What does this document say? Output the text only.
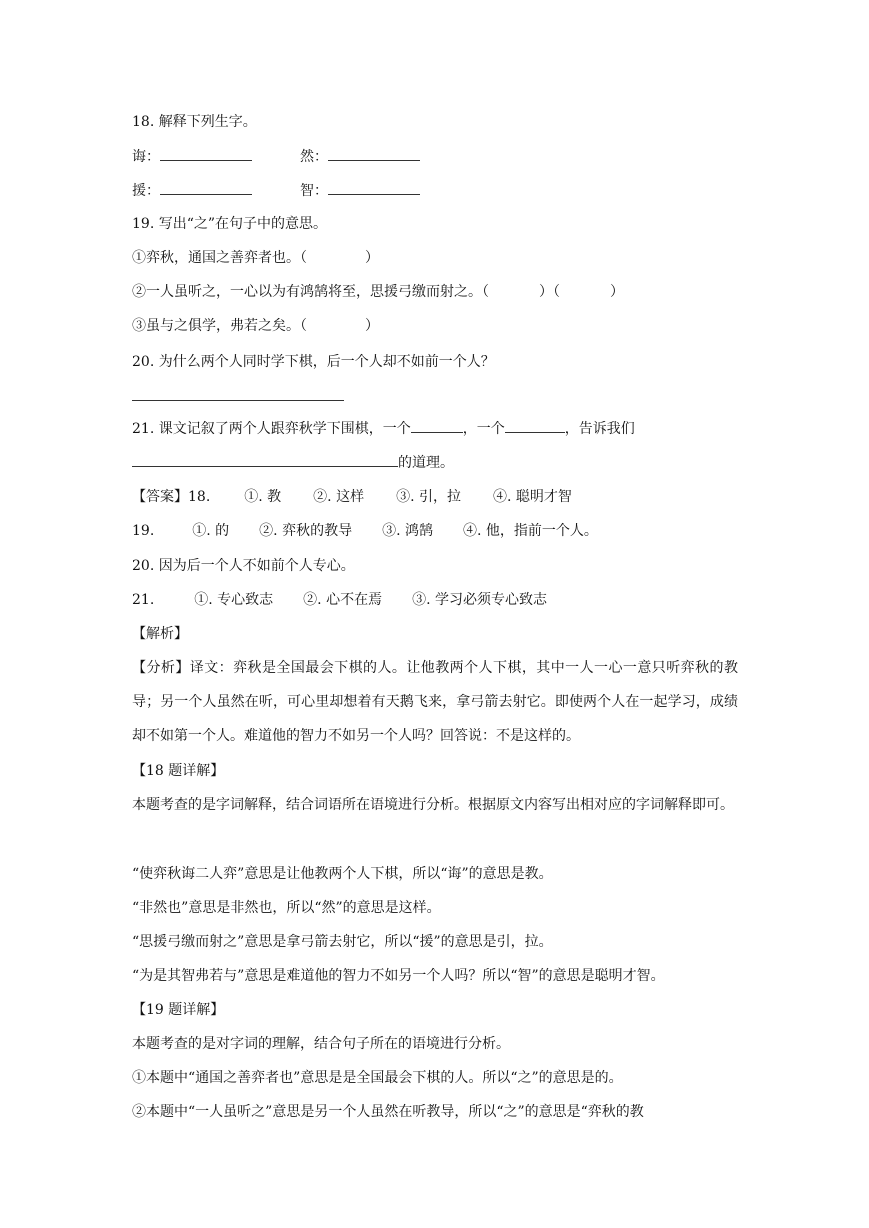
18. 解释下列生字。
诲：	然：
援：	智：
19. 写出“之”在句子中的意思。
①弈秋，通国之善弈者也。（	）
②一人虽听之，一心以为有鸿鹄将至，思援弓缴而射之。（	）（	）
③虽与之俱学，弗若之矣。（	）
20. 为什么两个人同时学下棋，后一个人却不如前一个人？
21. 课文记叙了两个人跟弈秋学下围棋，一个	，一个	，告诉我们
的道理。
【答案】18. ①. 教 ②. 这样 ③. 引，拉 ④. 聪明才智
19.	①. 的 ②. 弈秋的教导 ③. 鸿鹄 ④. 他，指前一个人。
20. 因为后一个人不如前个人专心。
21.	①. 专心致志 ②. 心不在焉 ③. 学习必须专心致志
【解析】
【分析】译文：弈秋是全国最会下棋的人。让他教两个人下棋，其中一人一心一意只听弈秋的教导；另一个人虽然在听，可心里却想着有天鹅飞来，拿弓箭去射它。即使两个人在一起学习，成绩却不如第一个人。难道他的智力不如另一个人吗？回答说：不是这样的。
【18 题详解】
本题考查的是字词解释，结合词语所在语境进行分析。根据原文内容写出相对应的字词解释即可。
“使弈秋诲二人弈”意思是让他教两个人下棋，所以“诲”的意思是教。
“非然也”意思是非然也，所以“然”的意思是这样。
“思援弓缴而射之”意思是拿弓箭去射它，所以“援”的意思是引，拉。
“为是其智弗若与”意思是难道他的智力不如另一个人吗？所以“智”的意思是聪明才智。
【19 题详解】
本题考查的是对字词的理解，结合句子所在的语境进行分析。
①本题中“通国之善弈者也”意思是是全国最会下棋的人。所以“之”的意思是的。
②本题中“一人虽听之”意思是另一个人虽然在听教导，所以“之”的意思是“弈秋的教
